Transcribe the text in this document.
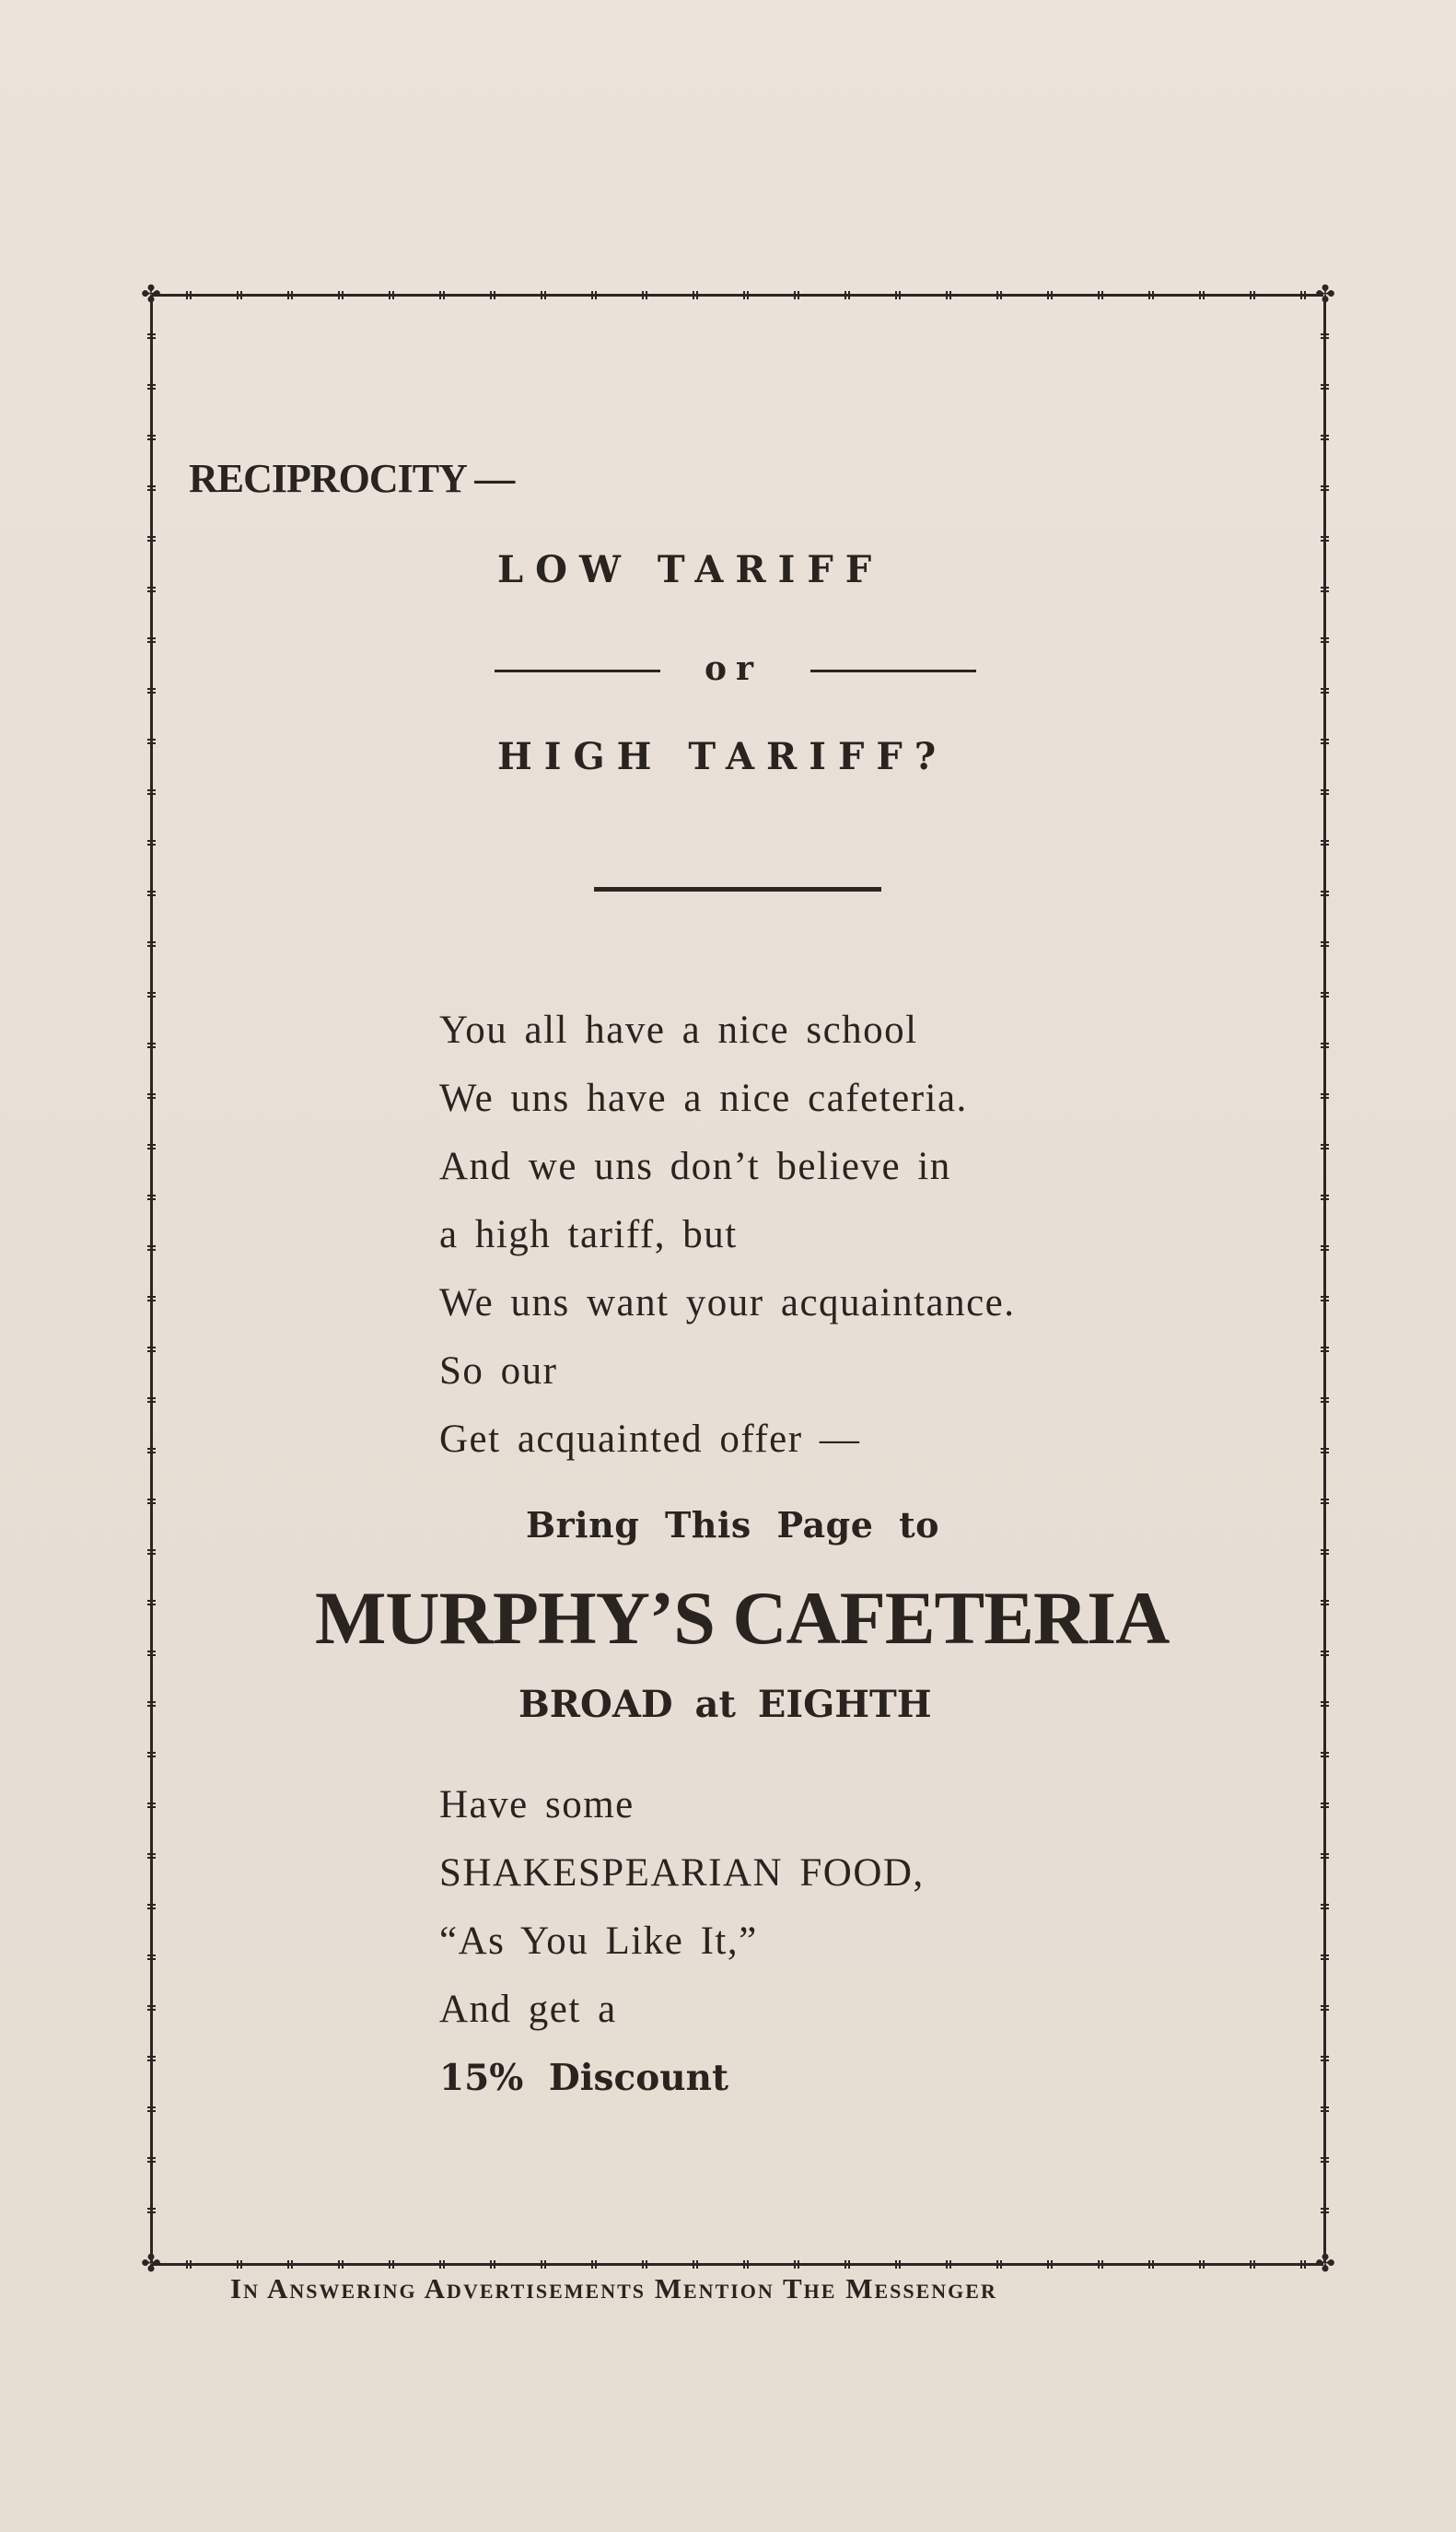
✤	✤
✤	✤
RECIPROCITY —
LOW TARIFF
or
HIGH TARIFF?
You all have a nice school
We uns have a nice cafeteria.
And we uns don’t believe in
a high tariff, but
We uns want your acquaintance.
So our
Get acquainted offer —
Bring This Page to
MURPHY’S CAFETERIA
BROAD at EIGHTH
Have some
SHAKESPEARIAN FOOD,
“As You Like It,”
And get a
15% Discount
In Answering Advertisements Mention The Messenger
